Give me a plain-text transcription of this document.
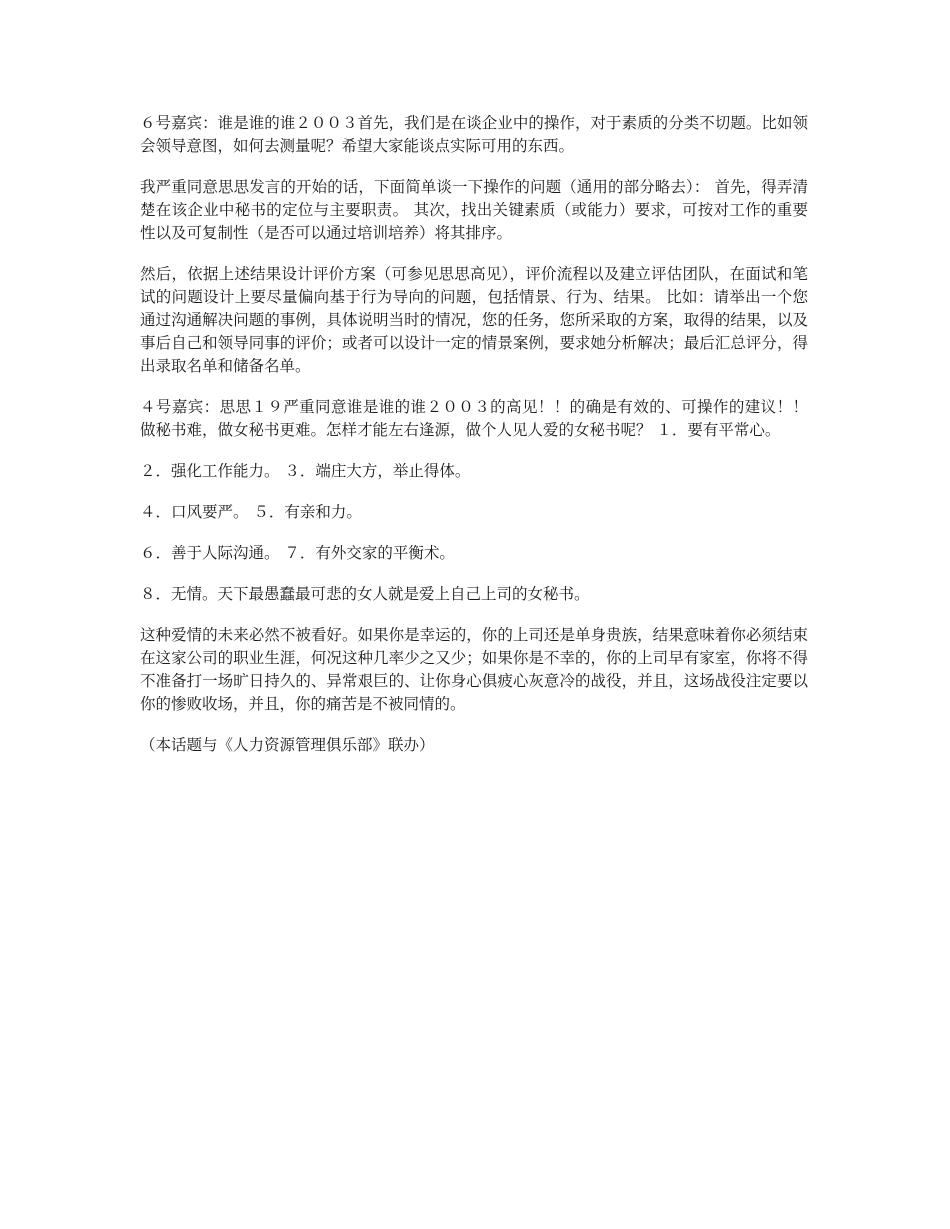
６号嘉宾：谁是谁的谁２００３首先，我们是在谈企业中的操作，对于素质的分类不切题。比如领会领导意图，如何去测量呢？希望大家能谈点实际可用的东西。

我严重同意思思发言的开始的话，下面简单谈一下操作的问题（通用的部分略去）： 首先，得弄清楚在该企业中秘书的定位与主要职责。 其次，找出关键素质（或能力）要求，可按对工作的重要性以及可复制性（是否可以通过培训培养）将其排序。

然后，依据上述结果设计评价方案（可参见思思高见），评价流程以及建立评估团队，在面试和笔试的问题设计上要尽量偏向基于行为导向的问题，包括情景、行为、结果。 比如：请举出一个您通过沟通解决问题的事例，具体说明当时的情况，您的任务，您所采取的方案，取得的结果，以及事后自己和领导同事的评价；或者可以设计一定的情景案例，要求她分析解决；最后汇总评分，得出录取名单和储备名单。

４号嘉宾：思思１９严重同意谁是谁的谁２００３的高见！！的确是有效的、可操作的建议！！ 做秘书难，做女秘书更难。怎样才能左右逢源，做个人见人爱的女秘书呢？ １．要有平常心。

２．强化工作能力。 ３．端庄大方，举止得体。

４．口风要严。 ５．有亲和力。

６．善于人际沟通。 ７．有外交家的平衡术。

８．无情。天下最愚蠢最可悲的女人就是爱上自己上司的女秘书。

这种爱情的未来必然不被看好。如果你是幸运的，你的上司还是单身贵族，结果意味着你必须结束在这家公司的职业生涯，何况这种几率少之又少；如果你是不幸的，你的上司早有家室，你将不得不准备打一场旷日持久的、异常艰巨的、让你身心俱疲心灰意冷的战役，并且，这场战役注定要以你的惨败收场，并且，你的痛苦是不被同情的。

（本话题与《人力资源管理俱乐部》联办）
